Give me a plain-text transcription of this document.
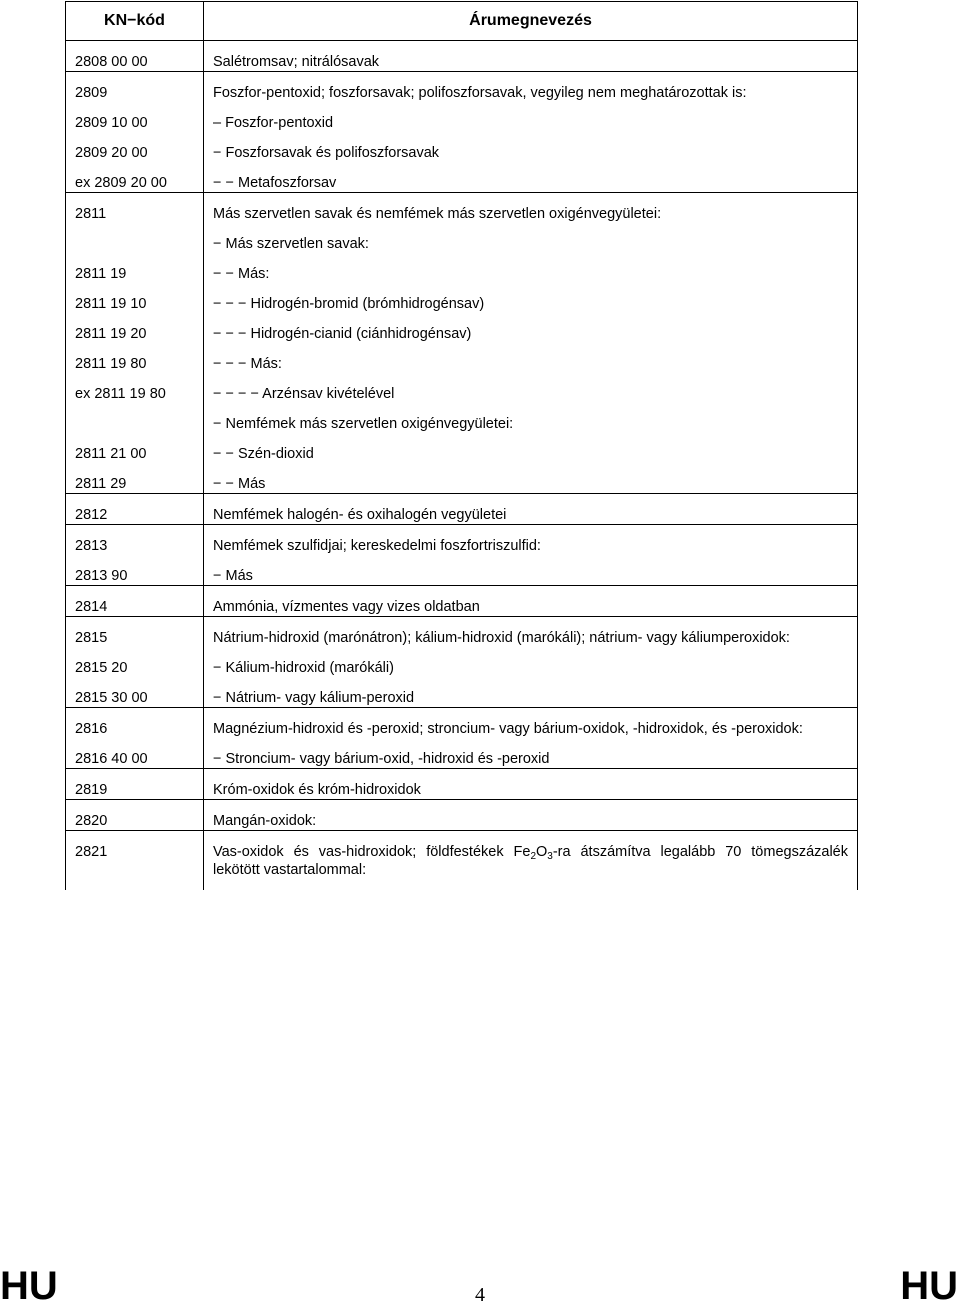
KN−kód	Árumegnevezés

2808 00 00	Salétromsav; nitrálósavak

2809	Foszfor-pentoxid; foszforsavak; polifoszforsavak, vegyileg nem meghatározottak is:

2809 10 00	– Foszfor-pentoxid

2809 20 00	− Foszforsavak és polifoszforsavak

ex 2809 20 00	− − Metafoszforsav

2811	Más szervetlen savak és nemfémek más szervetlen oxigénvegyületei:

	− Más szervetlen savak:

2811 19	− − Más:

2811 19 10	− − − Hidrogén-bromid (brómhidrogénsav)

2811 19 20	− − − Hidrogén-cianid (ciánhidrogénsav)

2811 19 80	− − − Más:

ex 2811 19 80	− − − − Arzénsav kivételével

	− Nemfémek más szervetlen oxigénvegyületei:

2811 21 00	− − Szén-dioxid

2811 29	− − Más

2812	Nemfémek halogén- és oxihalogén vegyületei

2813	Nemfémek szulfidjai; kereskedelmi foszfortriszulfid:

2813 90	− Más

2814	Ammónia, vízmentes vagy vizes oldatban

2815	Nátrium-hidroxid (marónátron); kálium-hidroxid (marókáli); nátrium- vagy káliumperoxidok:

2815 20	− Kálium-hidroxid (marókáli)

2815 30 00	− Nátrium- vagy kálium-peroxid

2816	Magnézium-hidroxid és -peroxid; stroncium- vagy bárium-oxidok, -hidroxidok, és -peroxidok:

2816 40 00	− Stroncium- vagy bárium-oxid, -hidroxid és -peroxid

2819	Króm-oxidok és króm-hidroxidok

2820	Mangán-oxidok:

2821	Vas-oxidok és vas-hidroxidok; földfestékek $Fe_2O_3-ra$ átszámítva legalább 70 tömegszázalék lekötött vastartalommal:
HU	4	HU
